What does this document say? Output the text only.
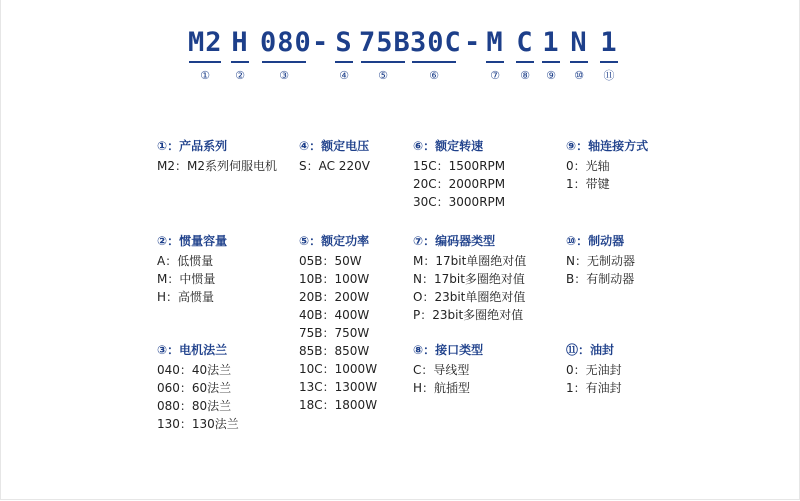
M2
①
H
②
080
③
- S
④
75B
⑤
30C
⑥
- M
⑦
C
⑧
1
⑨
N
⑩
1
⑪
①：产品系列
M2：M2系列伺服电机
②：惯量容量
A：低惯量
M：中惯量
H：高惯量
③：电机法兰
040：40法兰
060：60法兰
080：80法兰
130：130法兰
④：额定电压
S：AC 220V
⑤：额定功率
05B：50W
10B：100W
20B：200W
40B：400W
75B：750W
85B：850W
10C：1000W
13C：1300W
18C：1800W
⑥：额定转速
15C：1500RPM
20C：2000RPM
30C：3000RPM
⑦：编码器类型
M：17bit单圈绝对值
N：17bit多圈绝对值
O：23bit单圈绝对值
P：23bit多圈绝对值
⑧：接口类型
C：导线型
H：航插型
⑨：轴连接方式
0：光轴
1：带键
⑩：制动器
N：无制动器
B：有制动器
⑪：油封
0：无油封
1：有油封
